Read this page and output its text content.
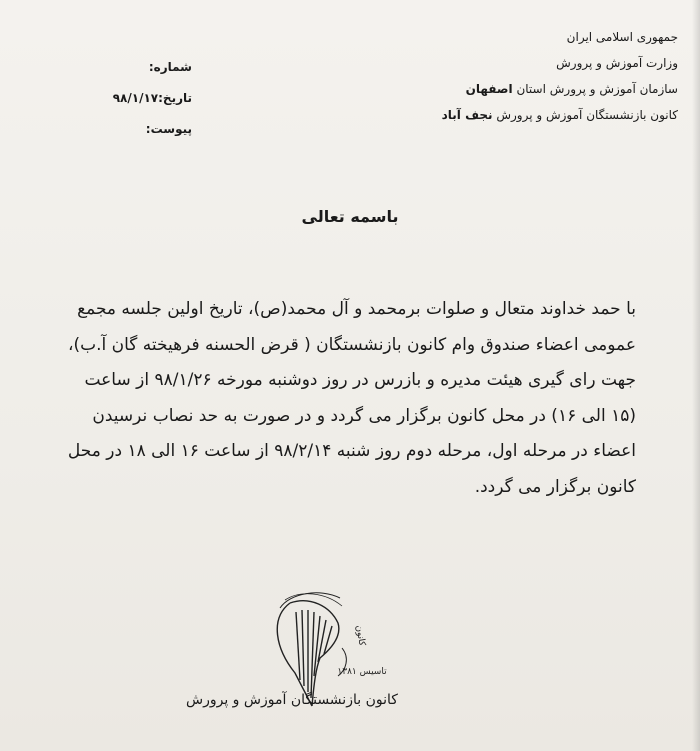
جمهوری اسلامی ایران
وزارت آموزش و پرورش
سازمان آموزش و پرورش استان اصفهان
کانون بازنشستگان آموزش و پرورش نجف آباد
شماره:
تاریخ:۹۸/۱/۱۷
پیوست:
باسمه تعالی
با حمد خداوند متعال و صلوات برمحمد و آل محمد(ص)، تاریخ اولین جلسه مجمع
عمومی اعضاء صندوق وام کانون بازنشستگان ( قرض الحسنه فرهیخته گان آ.ب)،
جهت رای گیری هیئت مدیره و بازرس در روز دوشنبه مورخه ۹۸/۱/۲۶ از ساعت
(۱۵ الی ۱۶) در محل کانون برگزار می گردد و در صورت به حد نصاب نرسیدن
اعضاء در مرحله اول، مرحله دوم روز شنبه ۹۸/۲/۱۴ از ساعت ۱۶ الی ۱۸ در محل
کانون برگزار می گردد.
کانون
تاسیس ۱۳۸۱
کانون بازنشستگان آموزش و پرورش
